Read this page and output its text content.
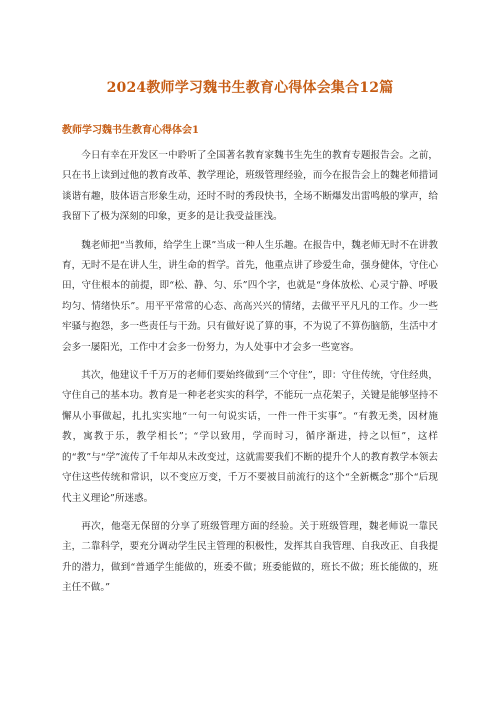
2024教师学习魏书生教育心得体会集合12篇
教师学习魏书生教育心得体会1

今日有幸在开发区一中聆听了全国著名教育家魏书生先生的教育专题报告会。之前，只在书上读到过他的教育改革、教学理论，班级管理经验，而今在报告会上的魏老师措词谈谐有趣，肢体语言形象生动，还时不时的秀段快书，全场不断爆发出雷鸣般的掌声，给我留下了极为深刻的印象，更多的是让我受益匪浅。

魏老师把“当教师，给学生上课”当成一种人生乐趣。在报告中，魏老师无时不在讲教育，无时不是在讲人生，讲生命的哲学。首先，他重点讲了珍爱生命，强身健体，守住心田，守住根本的前提，即“松、静、匀、乐”四个字，也就是“身体放松、心灵宁静、呼吸均匀、情绪快乐”。用平平常常的心态、高高兴兴的情绪，去做平平凡凡的工作。少一些牢骚与抱怨，多一些责任与干劲。只有做好说了算的事，不为说了不算伤脑筋，生活中才会多一屡阳光，工作中才会多一份努力，为人处事中才会多一些宽容。

其次，他建议千千万万的老师们要始终做到“三个守住”，即：守住传统，守住经典，守住自己的基本功。教育是一种老老实实的科学，不能玩一点花架子，关键是能够坚持不懈从小事做起，扎扎实实地“一句一句说实话，一件一件干实事”。“有教无类，因材施教，寓教于乐，教学相长”；“学以致用，学而时习，循序渐进，持之以恒”，这样的“教”与“学”流传了千年却从未改变过，这就需要我们不断的提升个人的教育教学本领去守住这些传统和常识，以不变应万变，千万不要被目前流行的这个“全新概念”那个“后现代主义理论”所迷惑。

再次，他毫无保留的分享了班级管理方面的经验。关于班级管理，魏老师说一靠民主，二靠科学，要充分调动学生民主管理的积极性，发挥其自我管理、自我改正、自我提升的潜力，做到“普通学生能做的，班委不做；班委能做的，班长不做；班长能做的，班主任不做。”
